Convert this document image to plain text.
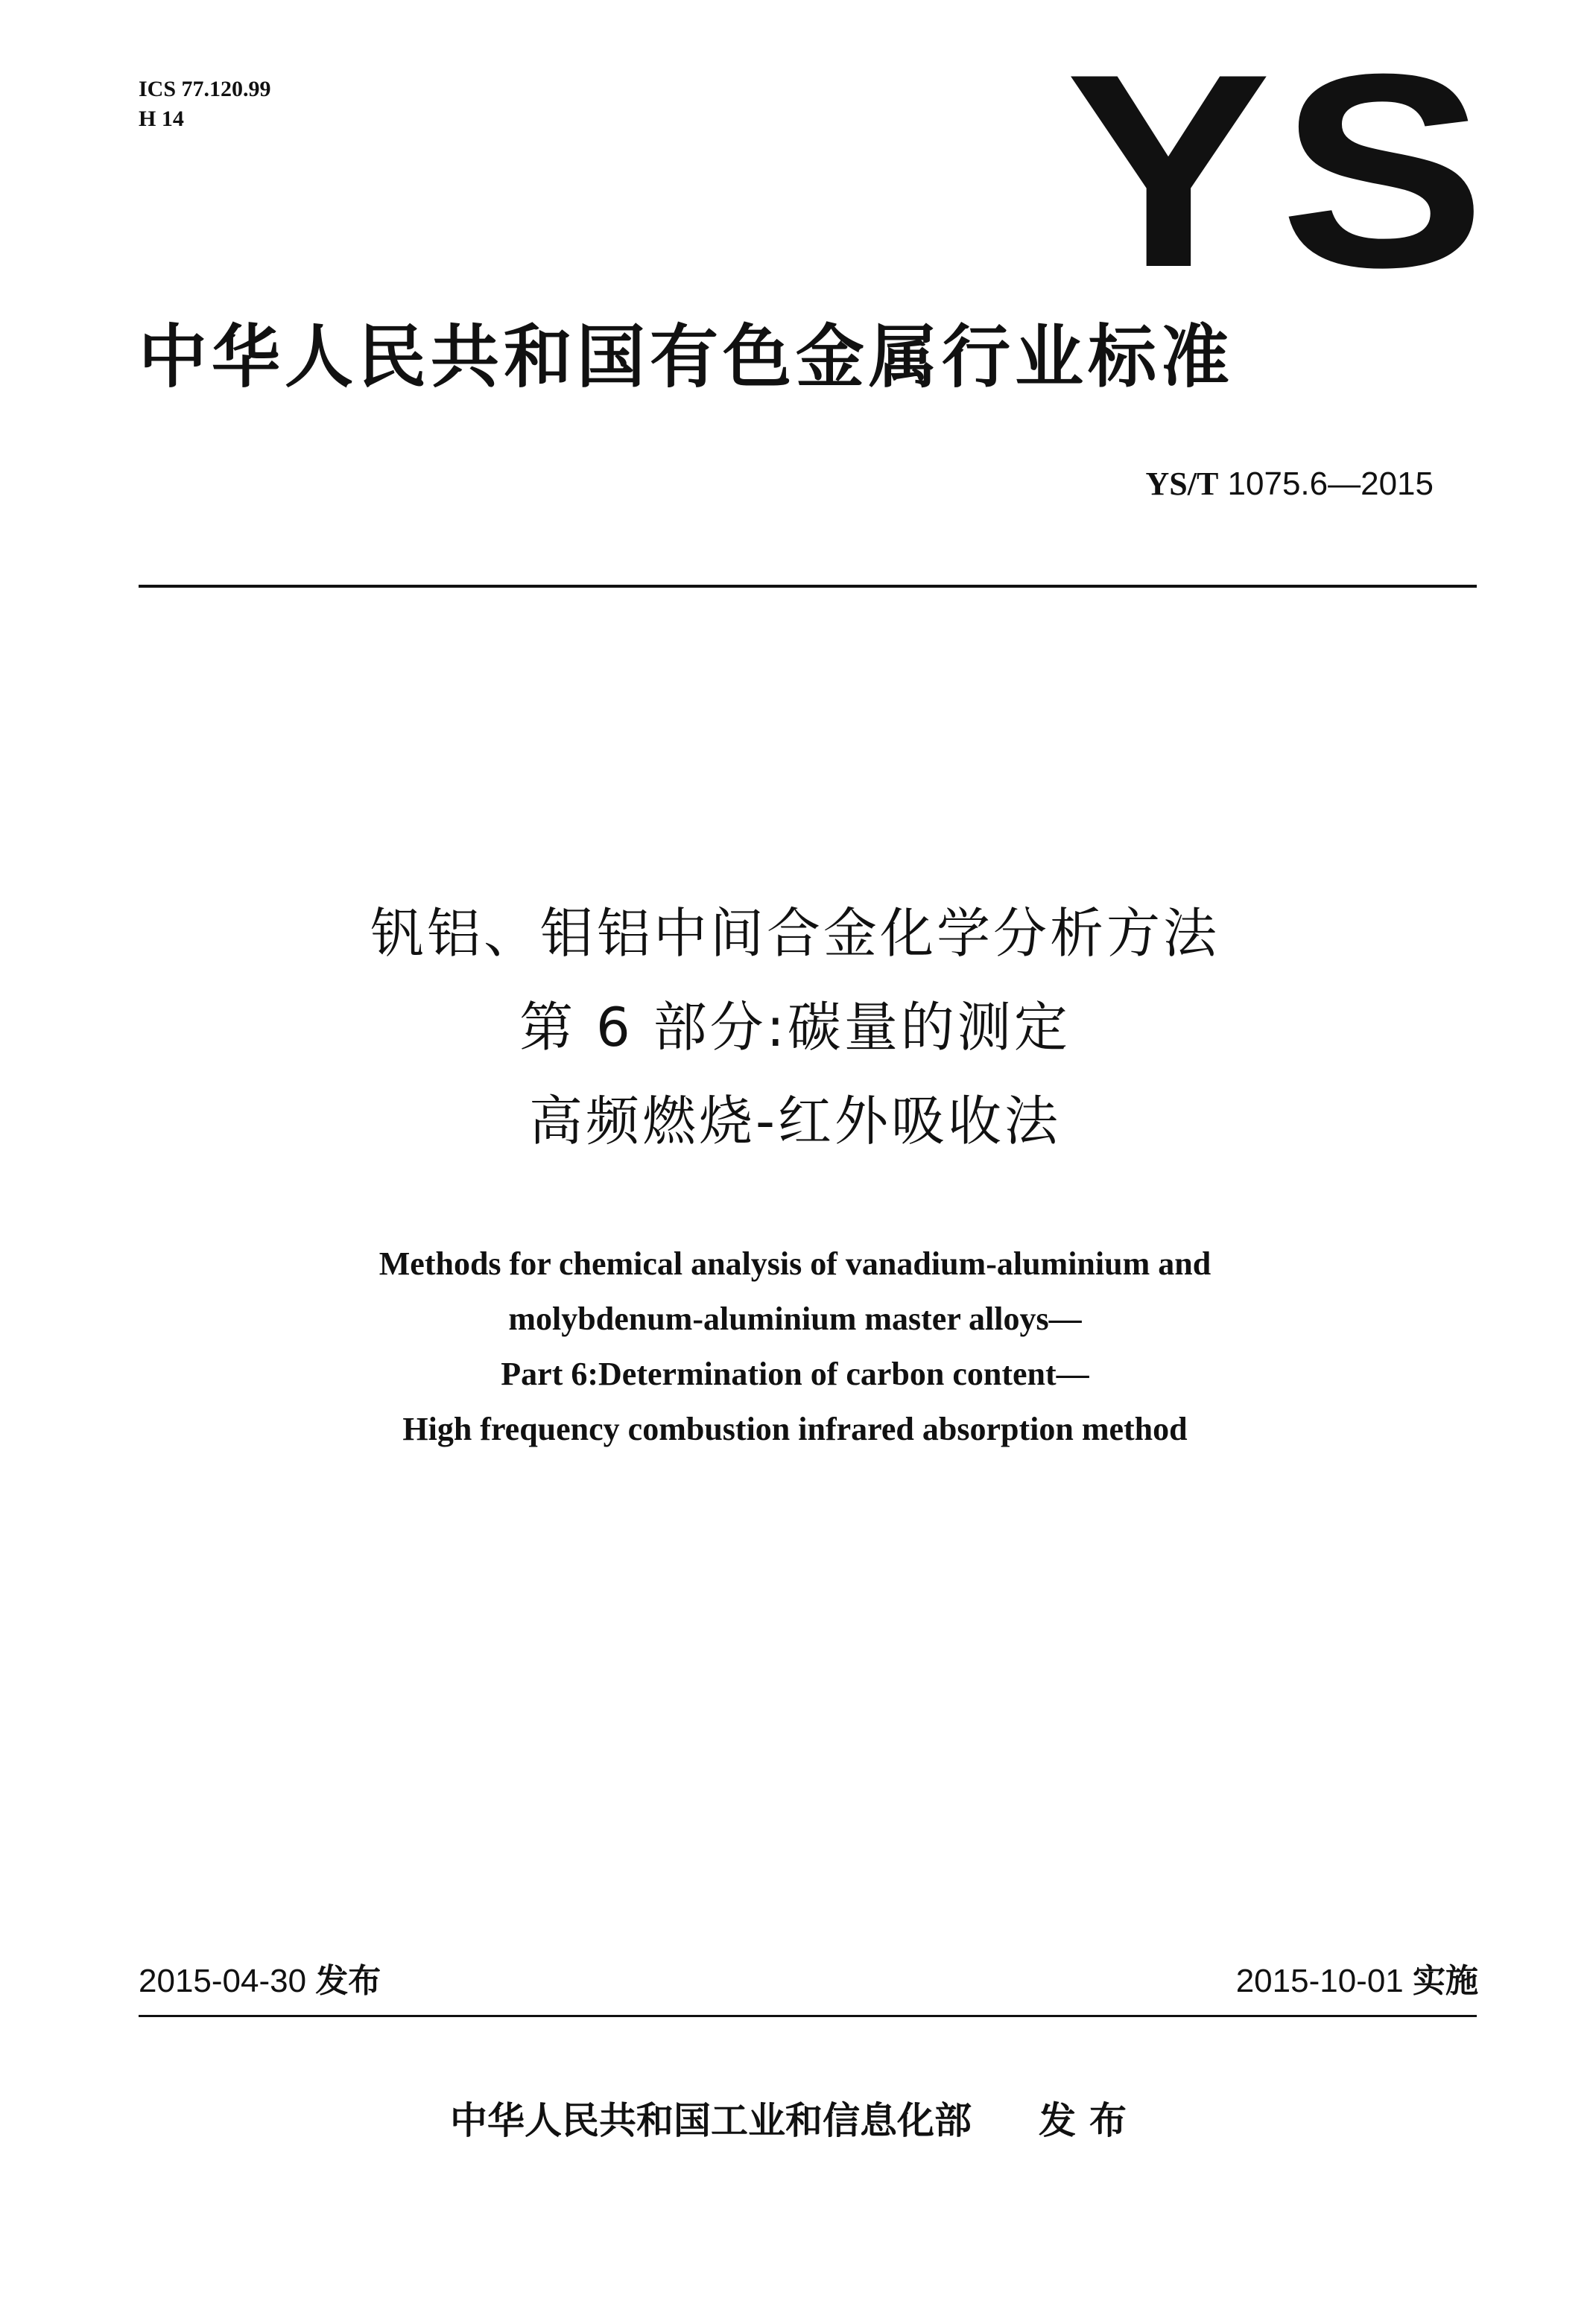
ICS 77.120.99
H 14	YS
中华人民共和国有色金属行业标准
YS/T 1075.6—2015
钒铝、钼铝中间合金化学分析方法
第 6 部分:碳量的测定
高频燃烧-红外吸收法
Methods for chemical analysis of vanadium-aluminium and
molybdenum-aluminium master alloys—
Part 6:Determination of carbon content—
High frequency combustion infrared absorption method
2015-04-30 发布	2015-10-01 实施
中华人民共和国工业和信息化部 发布
